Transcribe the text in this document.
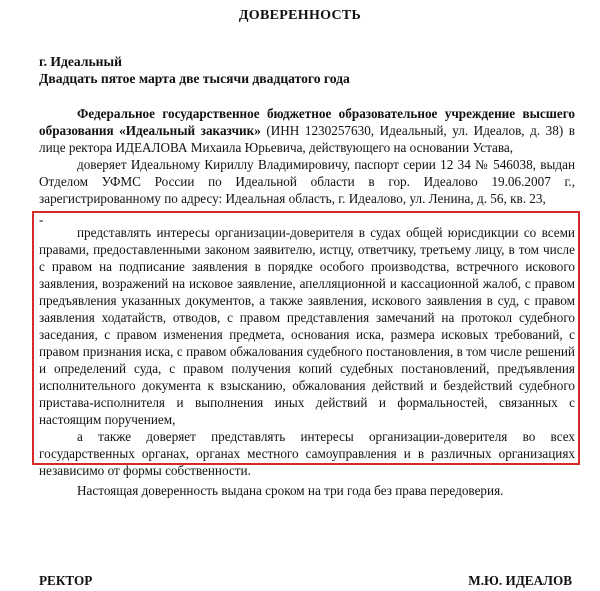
ДОВЕРЕННОСТЬ
г. Идеальный
Двадцать пятое марта две тысячи двадцатого года
Федеральное государственное бюджетное образовательное учреждение высшего образования «Идеальный заказчик» (ИНН 1230257630, Идеальный, ул. Идеалов, д. 38) в лице ректора ИДЕАЛОВА Михаила Юрьевича, действующего на основании Устава,
доверяет Идеальному Кириллу Владимировичу, паспорт серии 12 34 № 546038, выдан Отделом УФМС России по Идеальной области в гор. Идеалово 19.06.2007 г., зарегистрированному по адресу: Идеальная область, г. Идеалово, ул. Ленина, д. 56, кв. 23,
-

представлять интересы организации-доверителя в судах общей юрисдикции со всеми правами, предоставленными законом заявителю, истцу, ответчику, третьему лицу, в том числе с правом на подписание заявления в порядке особого производства, встречного искового заявления, возражений на исковое заявление, апелляционной и кассационной жалоб, с правом предъявления указанных документов, а также заявления, искового заявления в суд, с правом заявления ходатайств, отводов, с правом представления замечаний на протокол судебного заседания, с правом изменения предмета, основания иска, размера исковых требований, с правом признания иска, с правом обжалования судебного постановления, в том числе решений и определений суда, с правом получения копий судебных постановлений, предъявления исполнительного документа к взысканию, обжалования действий и бездействий судебного пристава-исполнителя и выполнения иных действий и формальностей, связанных с настоящим поручением,

а также доверяет представлять интересы организации-доверителя во всех государственных органах, органах местного самоуправления и в различных организациях независимо от формы собственности.

Настоящая доверенность выдана сроком на три года без права передоверия.
РЕКТОР	М.Ю. ИДЕАЛОВ
